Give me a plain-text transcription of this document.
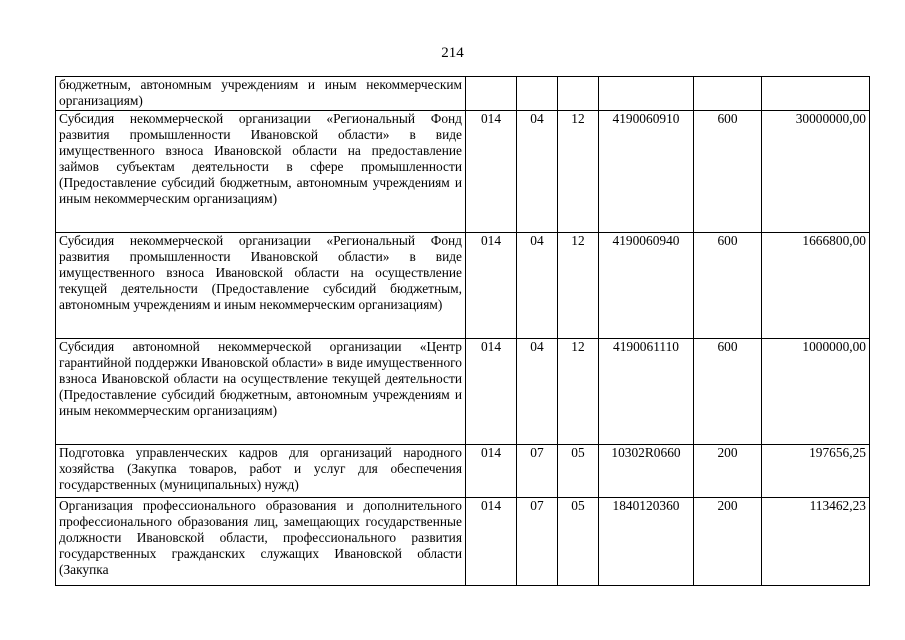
214
бюджетным, автономным учреждениям и иным некоммерческим организациям)						
Субсидия некоммерческой организации «Региональный Фонд развития промышленности Ивановской области» в виде имущественного взноса Ивановской области на предоставление займов субъектам деятельности в сфере промышленности (Предоставление субсидий бюджетным, автономным учреждениям и иным некоммерческим организациям)	014	04	12	4190060910	600	30000000,00
Субсидия некоммерческой организации «Региональный Фонд развития промышленности Ивановской области» в виде имущественного взноса Ивановской области на осуществление текущей деятельности (Предоставление субсидий бюджетным, автономным учреждениям и иным некоммерческим организациям)	014	04	12	4190060940	600	1666800,00
Субсидия автономной некоммерческой организации «Центр гарантийной поддержки Ивановской области» в виде имущественного взноса Ивановской области на осуществление текущей деятельности (Предоставление субсидий бюджетным, автономным учреждениям и иным некоммерческим организациям)	014	04	12	4190061110	600	1000000,00
Подготовка управленческих кадров для организаций народного хозяйства (Закупка товаров, работ и услуг для обеспечения государственных (муниципальных) нужд)	014	07	05	10302R0660	200	197656,25
Организация профессионального образования и дополнительного профессионального образования лиц, замещающих государственные должности Ивановской области, профессионального развития государственных гражданских служащих Ивановской области (Закупка	014	07	05	1840120360	200	113462,23
